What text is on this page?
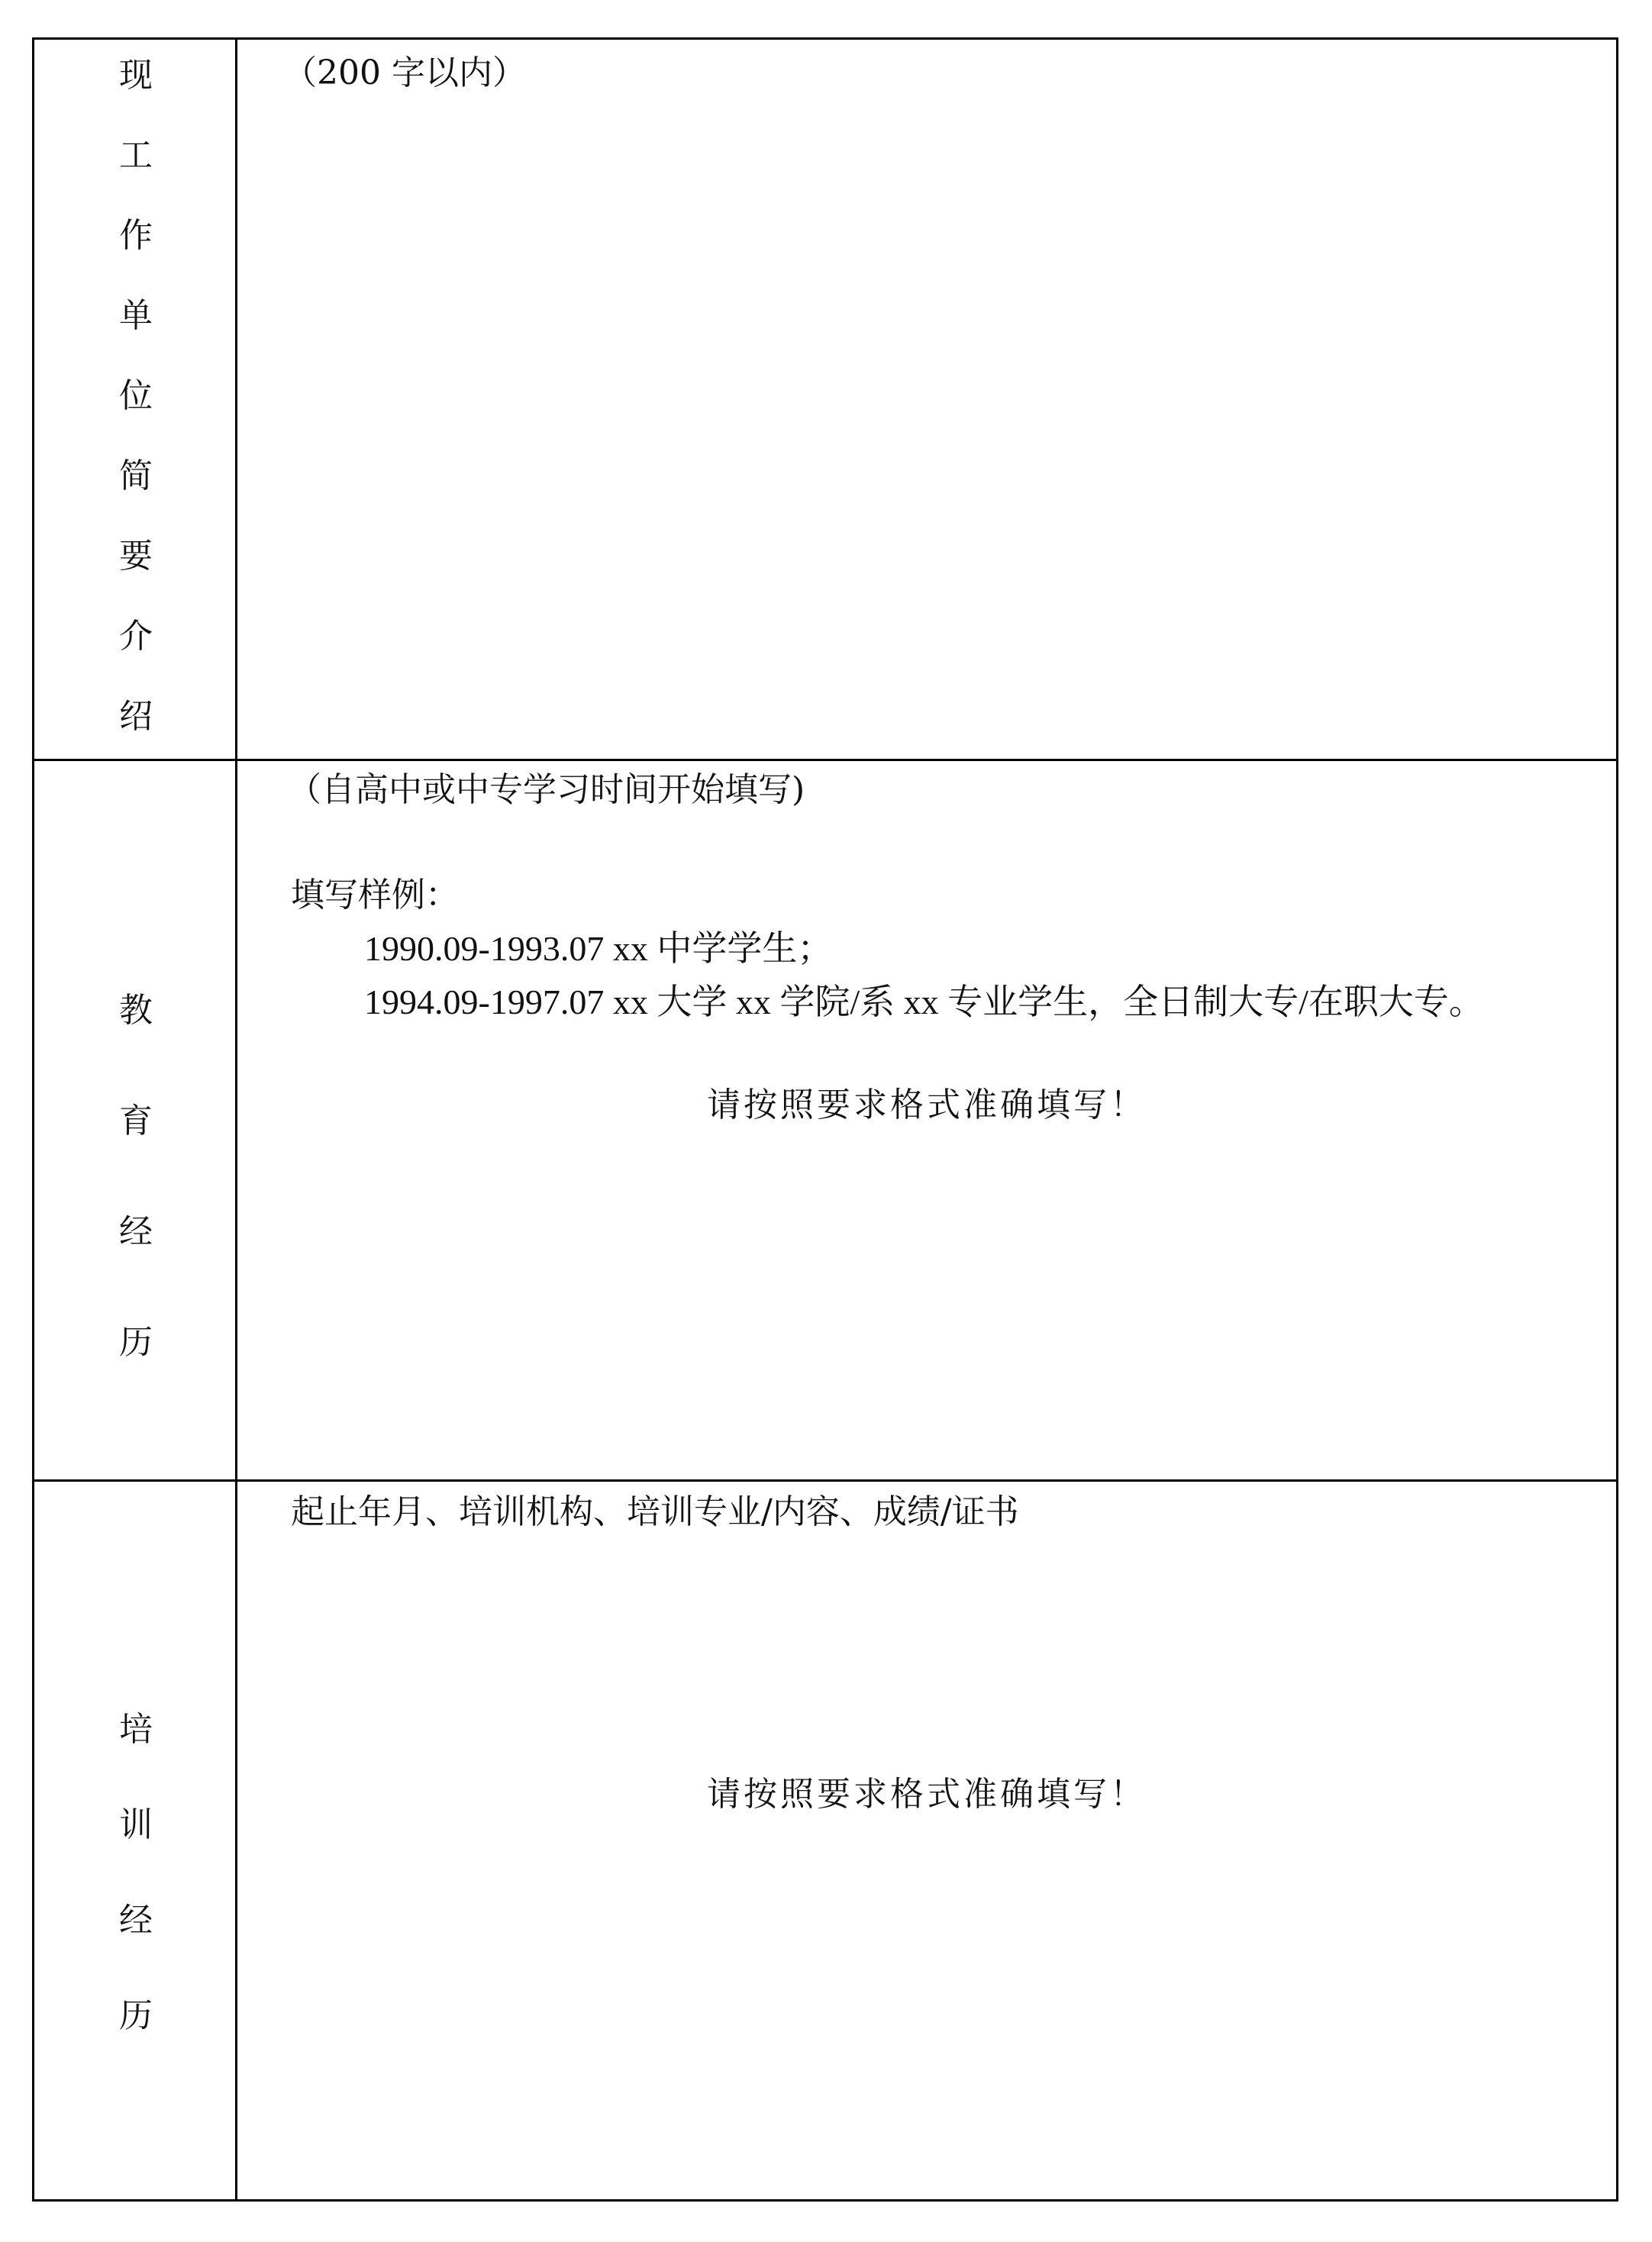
现
工
作
单
位
简
要
介
绍
（200 字以内）
教
育
经
历
（自高中或中专学习时间开始填写)
填写样例：
1990.09-1993.07 xx 中学学生；
1994.09-1997.07 xx 大学 xx 学院/系 xx 专业学生，全日制大专/在职大专。
请按照要求格式准确填写！
培
训
经
历
起止年月、培训机构、培训专业/内容、成绩/证书
请按照要求格式准确填写！
